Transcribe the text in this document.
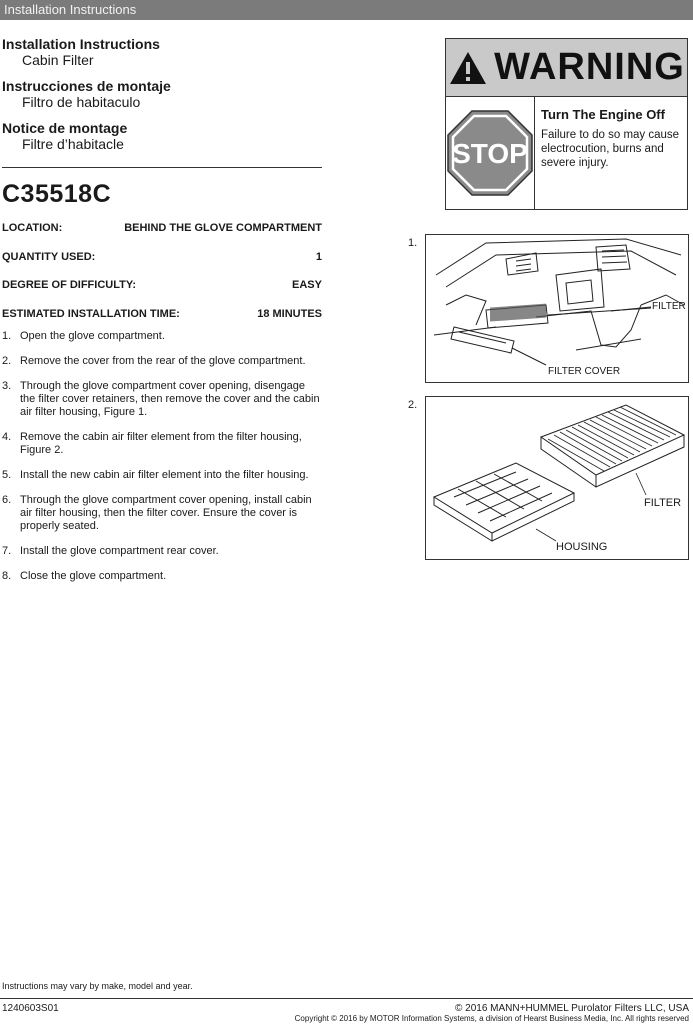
Installation Instructions

Installation Instructions

Cabin Filter

Instrucciones de montaje

Filtro de habitaculo

Notice de montage

Filtre d’habitacle

C35518C
LOCATION:	BEHIND THE GLOVE COMPARTMENT
QUANTITY USED:	1
DEGREE OF DIFFICULTY:	EASY
ESTIMATED INSTALLATION TIME:	18 MINUTES
1. Open the glove compartment.
2. Remove the cover from the rear of the glove compartment.
3. Through the glove compartment cover opening, disengage the filter cover retainers, then remove the cover and the cabin air filter housing, Figure 1.
4. Remove the cabin air filter element from the filter housing, Figure 2.
5. Install the new cabin air filter element into the filter housing.
6. Through the glove compartment cover opening, install cabin air filter housing, then the filter cover. Ensure the cover is properly seated.
7. Install the glove compartment rear cover.
8. Close the glove compartment.
WARNING
STOP
Turn The Engine Off
Failure to do so may cause electrocution, burns and severe injury.
1.
FILTER
FILTER COVER
2.
FILTER
HOUSING
Instructions may vary by make, model and year.
1240603S01	© 2016 MANN+HUMMEL Purolator Filters LLC, USA
Copyright © 2016 by MOTOR Information Systems, a division of Hearst Business Media, Inc. All rights reserved
